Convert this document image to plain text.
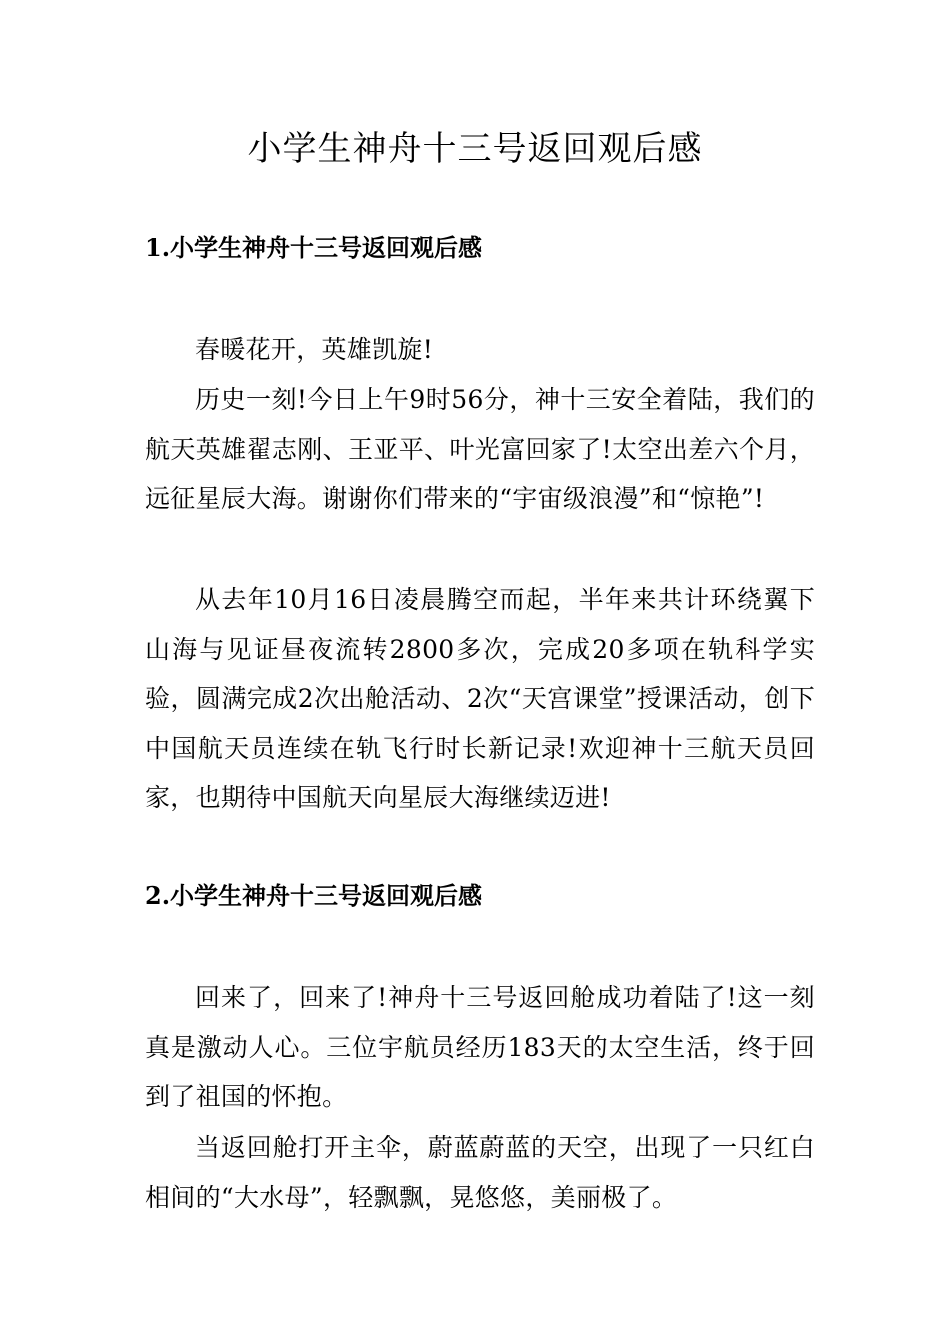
小学生神舟十三号返回观后感
1.小学生神舟十三号返回观后感

春暖花开，英雄凯旋!

历史一刻!今日上午9时56分，神十三安全着陆，我们的航天英雄翟志刚、王亚平、叶光富回家了!太空出差六个月，远征星辰大海。谢谢你们带来的“宇宙级浪漫”和“惊艳”!

从去年10月16日凌晨腾空而起，半年来共计环绕翼下山海与见证昼夜流转2800多次，完成20多项在轨科学实验，圆满完成2次出舱活动、2次“天宫课堂”授课活动，创下中国航天员连续在轨飞行时长新记录!欢迎神十三航天员回家，也期待中国航天向星辰大海继续迈进!

2.小学生神舟十三号返回观后感

回来了，回来了!神舟十三号返回舱成功着陆了!这一刻真是激动人心。三位宇航员经历183天的太空生活，终于回到了祖国的怀抱。

当返回舱打开主伞，蔚蓝蔚蓝的天空，出现了一只红白相间的“大水母”，轻飘飘，晃悠悠，美丽极了。
